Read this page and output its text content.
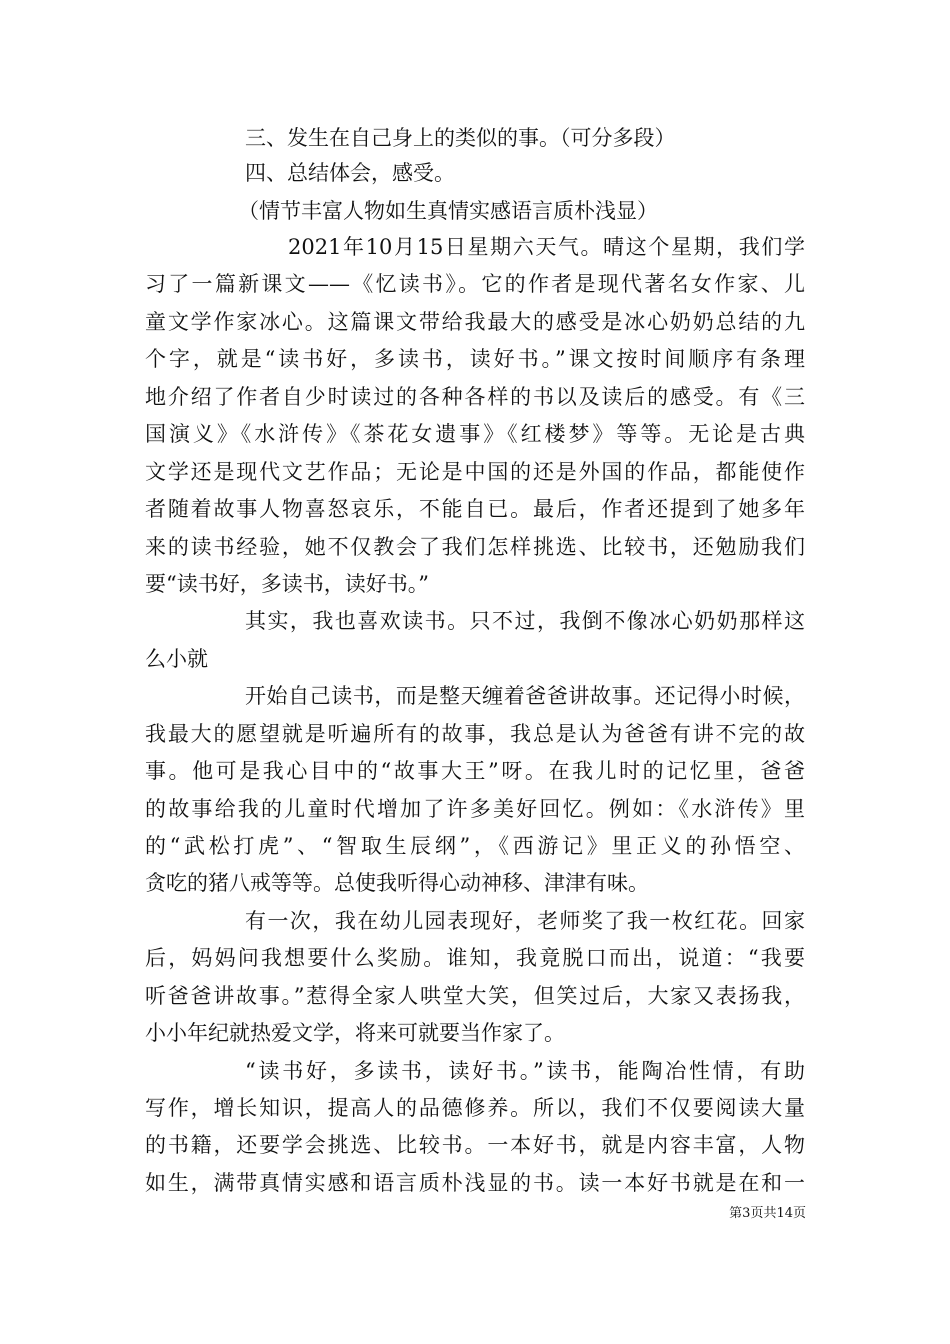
三、发生在自己身上的类似的事。（可分多段）
四、总结体会，感受。
（情节丰富人物如生真情实感语言质朴浅显）
2021年10月15日星期六天气。晴这个星期，我们学
习了一篇新课文——《忆读书》。它的作者是现代著名女作家、儿
童文学作家冰心。这篇课文带给我最大的感受是冰心奶奶总结的九
个字，就是“读书好，多读书，读好书。”课文按时间顺序有条理
地介绍了作者自少时读过的各种各样的书以及读后的感受。有《三
国演义》《水浒传》《茶花女遗事》《红楼梦》等等。无论是古典
文学还是现代文艺作品；无论是中国的还是外国的作品，都能使作
者随着故事人物喜怒哀乐，不能自已。最后，作者还提到了她多年
来的读书经验，她不仅教会了我们怎样挑选、比较书，还勉励我们
要“读书好，多读书，读好书。”
其实，我也喜欢读书。只不过，我倒不像冰心奶奶那样这
么小就
开始自己读书，而是整天缠着爸爸讲故事。还记得小时候，
我最大的愿望就是听遍所有的故事，我总是认为爸爸有讲不完的故
事。他可是我心目中的“故事大王”呀。在我儿时的记忆里，爸爸
的故事给我的儿童时代增加了许多美好回忆。例如：《水浒传》里
的“武松打虎”、“智取生辰纲”，《西游记》里正义的孙悟空、
贪吃的猪八戒等等。总使我听得心动神移、津津有味。
有一次，我在幼儿园表现好，老师奖了我一枚红花。回家
后，妈妈问我想要什么奖励。谁知，我竟脱口而出，说道：“我要
听爸爸讲故事。”惹得全家人哄堂大笑，但笑过后，大家又表扬我，
小小年纪就热爱文学，将来可就要当作家了。
“读书好，多读书，读好书。”读书，能陶冶性情，有助
写作，增长知识，提高人的品德修养。所以，我们不仅要阅读大量
的书籍，还要学会挑选、比较书。一本好书，就是内容丰富，人物
如生，满带真情实感和语言质朴浅显的书。读一本好书就是在和一
第3页共14页
